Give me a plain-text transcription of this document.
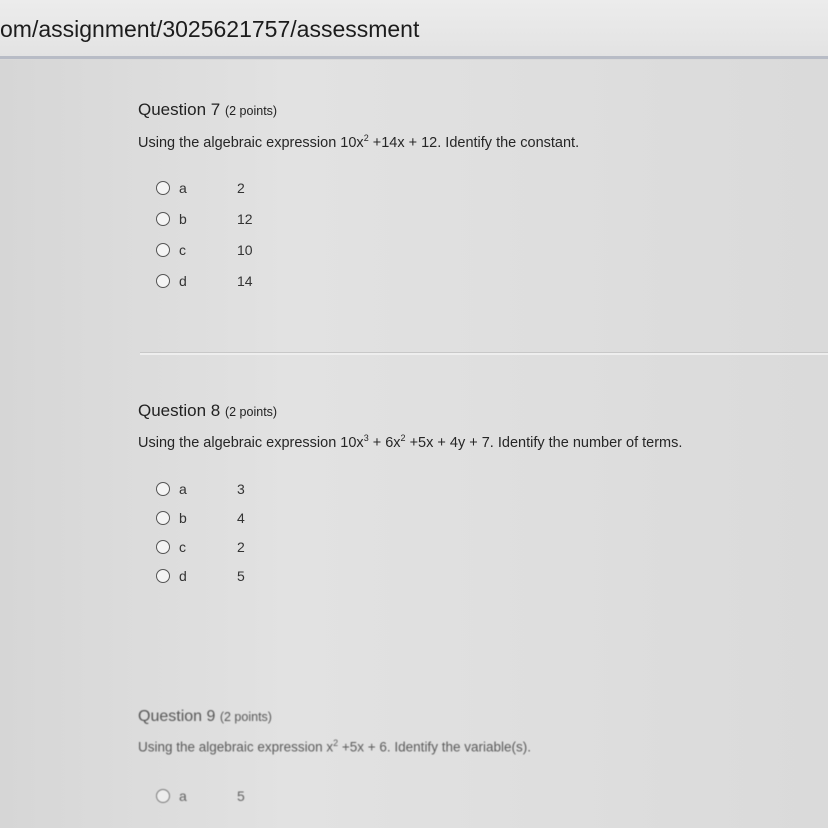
om/assignment/3025621757/assessment
Question 7 (2 points)
Using the algebraic expression $10x^2 +14x + 12$. Identify the constant.
a	2
b	12
c	10
d	14
Question 8 (2 points)
Using the algebraic expression $10x^3 + 6x^2 +5x + 4y + 7$. Identify the number of terms.
a	3
b	4
c	2
d	5
Question 9 (2 points)
Using the algebraic expression $x^2 +5x + 6$. Identify the variable(s).
a	5
